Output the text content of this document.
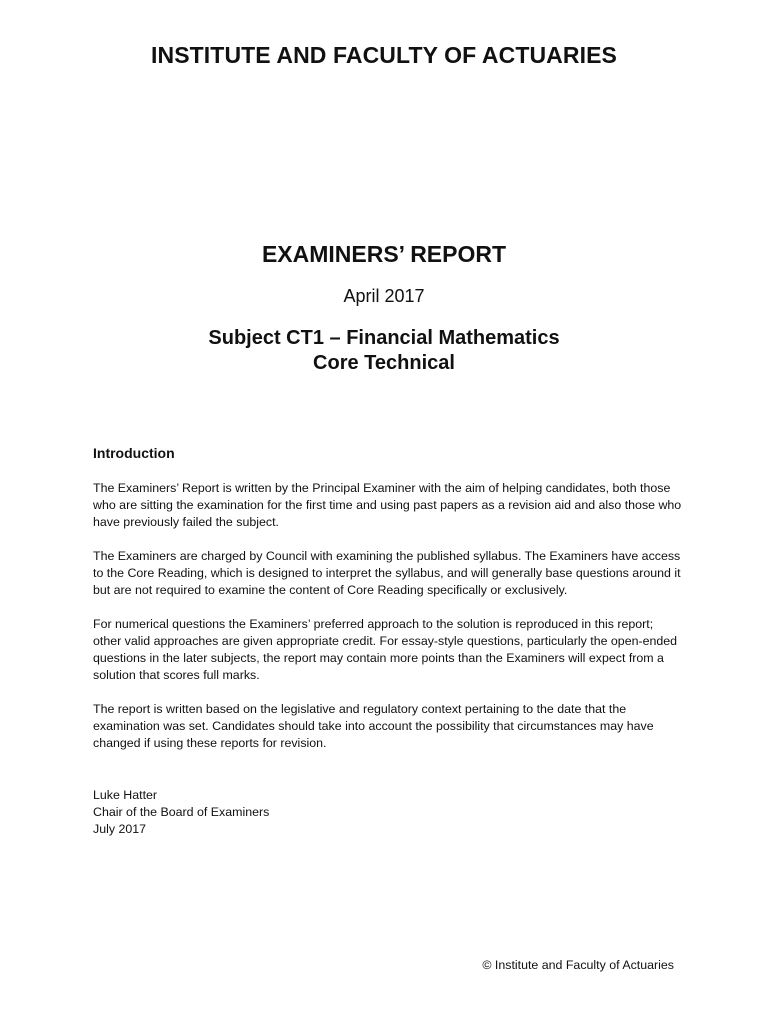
INSTITUTE AND FACULTY OF ACTUARIES
EXAMINERS’ REPORT
April 2017
Subject CT1 – Financial Mathematics
Core Technical
Introduction

The Examiners’ Report is written by the Principal Examiner with the aim of helping candidates, both those who are sitting the examination for the first time and using past papers as a revision aid and also those who have previously failed the subject.

The Examiners are charged by Council with examining the published syllabus. The Examiners have access to the Core Reading, which is designed to interpret the syllabus, and will generally base questions around it but are not required to examine the content of Core Reading specifically or exclusively.

For numerical questions the Examiners’ preferred approach to the solution is reproduced in this report; other valid approaches are given appropriate credit. For essay-style questions, particularly the open-ended questions in the later subjects, the report may contain more points than the Examiners will expect from a solution that scores full marks.

The report is written based on the legislative and regulatory context pertaining to the date that the examination was set. Candidates should take into account the possibility that circumstances may have changed if using these reports for revision.

Luke Hatter
Chair of the Board of Examiners
July 2017
© Institute and Faculty of Actuaries
